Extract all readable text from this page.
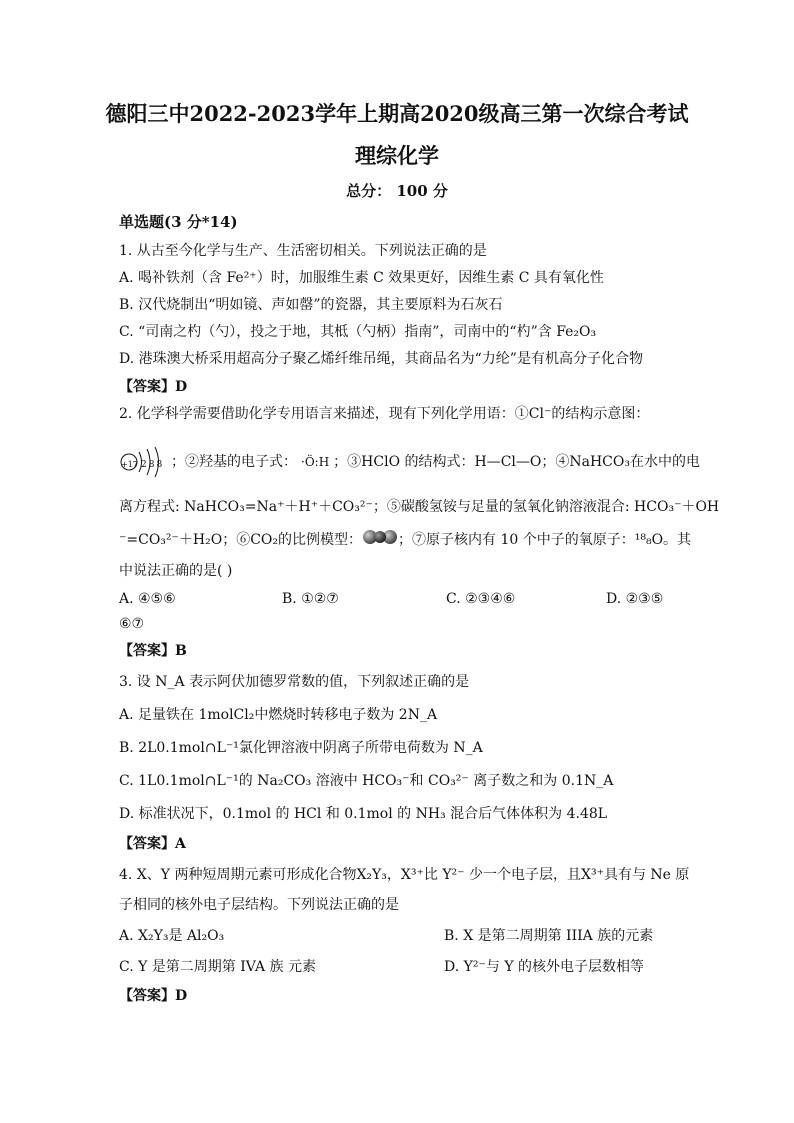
德阳三中2022-2023学年上期高2020级高三第一次综合考试
理综化学
总分： 100 分
单选题(3 分*14)
1. 从古至今化学与生产、生活密切相关。下列说法正确的是
A. 喝补铁剂（含 Fe²⁺）时，加服维生素 C 效果更好，因维生素 C 具有氧化性
B. 汉代烧制出“明如镜、声如罄”的瓷器，其主要原料为石灰石
C. “司南之杓（勺），投之于地，其柢（勺柄）指南”，司南中的“杓”含 Fe₂O₃
D. 港珠澳大桥采用超高分子聚乙烯纤维吊绳，其商品名为“力纶”是有机高分子化合物
【答案】D
2. 化学科学需要借助化学专用语言来描述，现有下列化学用语：①Cl⁻的结构示意图：
+17 288 ；②羟基的电子式： ·Ö:H ；③HClO 的结构式：H—Cl—O；④NaHCO₃在水中的电
离方程式: NaHCO₃=Na⁺＋H⁺＋CO₃²⁻；⑤碳酸氢铵与足量的氢氧化钠溶液混合: HCO₃⁻＋OH
⁻=CO₃²⁻＋H₂O；⑥CO₂的比例模型：	；⑦原子核内有 10 个中子的氧原子：¹⁸₈O。其
中说法正确的是( )
A. ④⑤⑥	B. ①②⑦	C. ②③④⑥	D. ②③⑤
⑥⑦
【答案】B
3. 设 N_A 表示阿伏加德罗常数的值，下列叙述正确的是
A. 足量铁在 1molCl₂中燃烧时转移电子数为 2N_A
B. 2L0.1mol∩L⁻¹氯化钾溶液中阴离子所带电荷数为 N_A
C. 1L0.1mol∩L⁻¹的 Na₂CO₃ 溶液中 HCO₃⁻和 CO₃²⁻ 离子数之和为 0.1N_A
D. 标准状况下，0.1mol 的 HCl 和 0.1mol 的 NH₃ 混合后气体体积为 4.48L
【答案】A
4. X、Y 两种短周期元素可形成化合物X₂Y₃，X³⁺比 Y²⁻ 少一个电子层，且X³⁺具有与 Ne 原
子相同的核外电子层结构。下列说法正确的是
A. X₂Y₃是 Al₂O₃	B. X 是第二周期第 IIIA 族的元素
C. Y 是第二周期第 IVA 族 元素	D. Y²⁻与 Y 的核外电子层数相等
【答案】D
